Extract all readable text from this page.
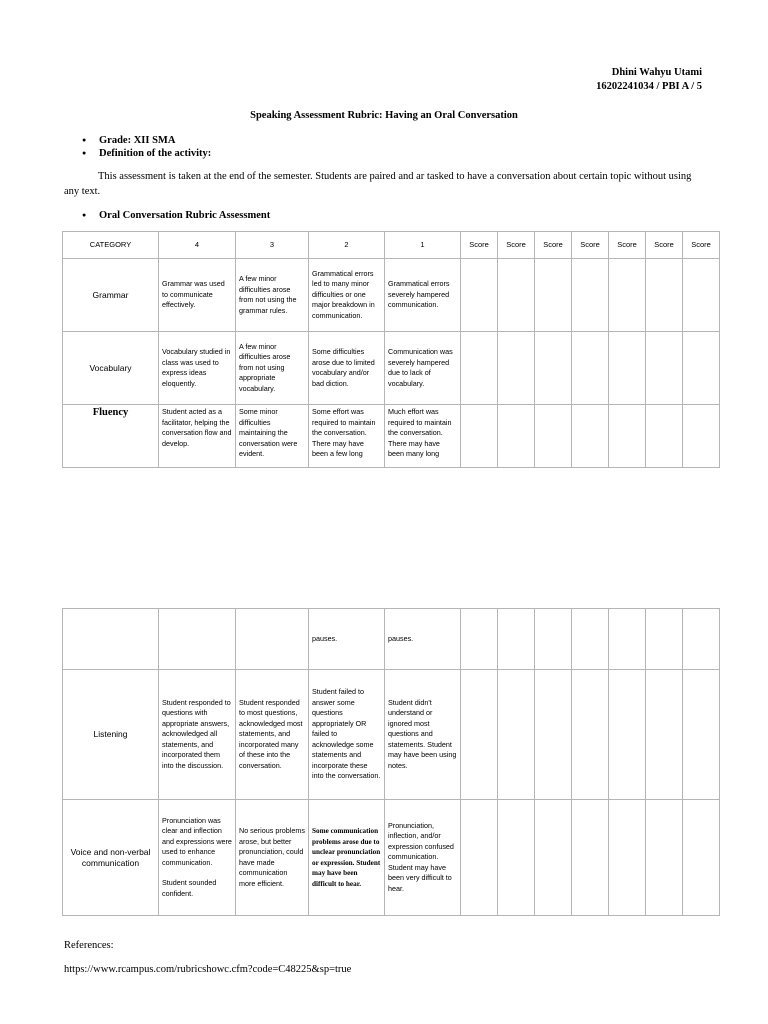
Dhini Wahyu Utami
16202241034 / PBI A / 5
Speaking Assessment Rubric: Having an Oral Conversation
● Grade: XII SMA
● Definition of the activity:
This assessment is taken at the end of the semester. Students are paired and ar tasked to have a conversation about certain topic without using any text.
● Oral Conversation Rubric Assessment
CATEGORY	4	3	2	1	Score	Score	Score	Score	Score	Score	Score
Grammar	Grammar was used to communicate effectively.	A few minor difficulties arose from not using the grammar rules.	Grammatical errors led to many minor difficulties or one major breakdown in communication.	Grammatical errors severely hampered communication.							
Vocabulary	Vocabulary studied in class was used to express ideas eloquently.	A few minor difficulties arose from not using appropriate vocabulary.	Some difficulties arose due to limited vocabulary and/or bad diction.	Communication was severely hampered due to lack of vocabulary.							
Fluency	Student acted as a facilitator, helping the conversation flow and develop.	Some minor difficulties maintaining the conversation were evident.	Some effort was required to maintain the conversation. There may have been a few long	Much effort was required to maintain the conversation. There may have been many long							
			pauses.	pauses.							
Listening	Student responded to questions with appropriate answers, acknowledged all statements, and incorporated them into the discussion.	Student responded to most questions, acknowledged most statements, and incorporated many of these into the conversation.	Student failed to answer some questions appropriately OR failed to acknowledge some statements and incorporate these into the conversation.	Student didn't understand or ignored most questions and statements. Student may have been using notes.							
Voice and non-verbal communication	Pronunciation was clear and inflection and expressions were used to enhance communication.
Student sounded confident.	No serious problems arose, but better pronunciation, could have made communication more efficient.	Some communication problems arose due to unclear pronunciation or expression. Student may have been difficult to hear.	Pronunciation, inflection, and/or expression confused communication. Student may have been very difficult to hear.							
References:
https://www.rcampus.com/rubricshowc.cfm?code=C48225&sp=true
